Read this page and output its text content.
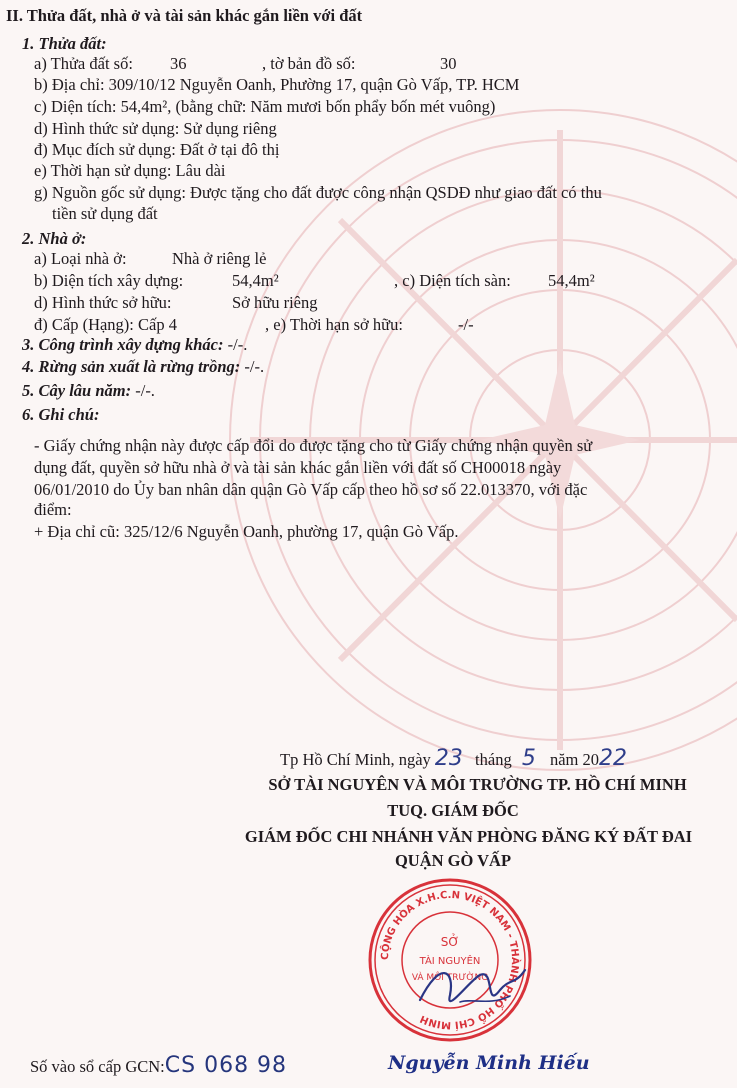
II. Thửa đất, nhà ở và tài sản khác gắn liền với đất
1. Thửa đất:
a) Thửa đất số: 36	, tờ bản đồ số:	30
b) Địa chỉ: 309/10/12 Nguyễn Oanh, Phường 17, quận Gò Vấp, TP. HCM
c) Diện tích: 54,4m², (bằng chữ: Năm mươi bốn phẩy bốn mét vuông)
d) Hình thức sử dụng: Sử dụng riêng
đ) Mục đích sử dụng: Đất ở tại đô thị
e) Thời hạn sử dụng: Lâu dài
g) Nguồn gốc sử dụng: Được tặng cho đất được công nhận QSDĐ như giao đất có thu
tiền sử dụng đất
2. Nhà ở:
a) Loại nhà ở:	Nhà ở riêng lẻ
b) Diện tích xây dựng:	54,4m²	, c) Diện tích sàn: 54,4m²
d) Hình thức sở hữu:	Sở hữu riêng
đ) Cấp (Hạng): Cấp 4	, e) Thời hạn sở hữu:	-/-
3. Công trình xây dựng khác: -/-.
4. Rừng sản xuất là rừng trồng: -/-.
5. Cây lâu năm: -/-.
6. Ghi chú:
- Giấy chứng nhận này được cấp đổi do được tặng cho từ Giấy chứng nhận quyền sử
dụng đất, quyền sở hữu nhà ở và tài sản khác gắn liền với đất số CH00018 ngày
06/01/2010 do Ủy ban nhân dân quận Gò Vấp cấp theo hồ sơ số 22.013370, với đặc
điểm:
+ Địa chỉ cũ: 325/12/6 Nguyễn Oanh, phường 17, quận Gò Vấp.
Tp Hồ Chí Minh, ngày 23 tháng 5 năm 2022
SỞ TÀI NGUYÊN VÀ MÔI TRƯỜNG TP. HỒ CHÍ MINH
TUQ. GIÁM ĐỐC
GIÁM ĐỐC CHI NHÁNH VĂN PHÒNG ĐĂNG KÝ ĐẤT ĐAI
QUẬN GÒ VẤP
Số vào sổ cấp GCN:CS 068 98
CỘNG HÒA X.H.C.N VIỆT NAM - THÀNH PHỐ HỒ CHÍ MINH
SỞ
TÀI NGUYÊN
VÀ MÔI TRƯỜNG
Nguyễn Minh Hiếu
